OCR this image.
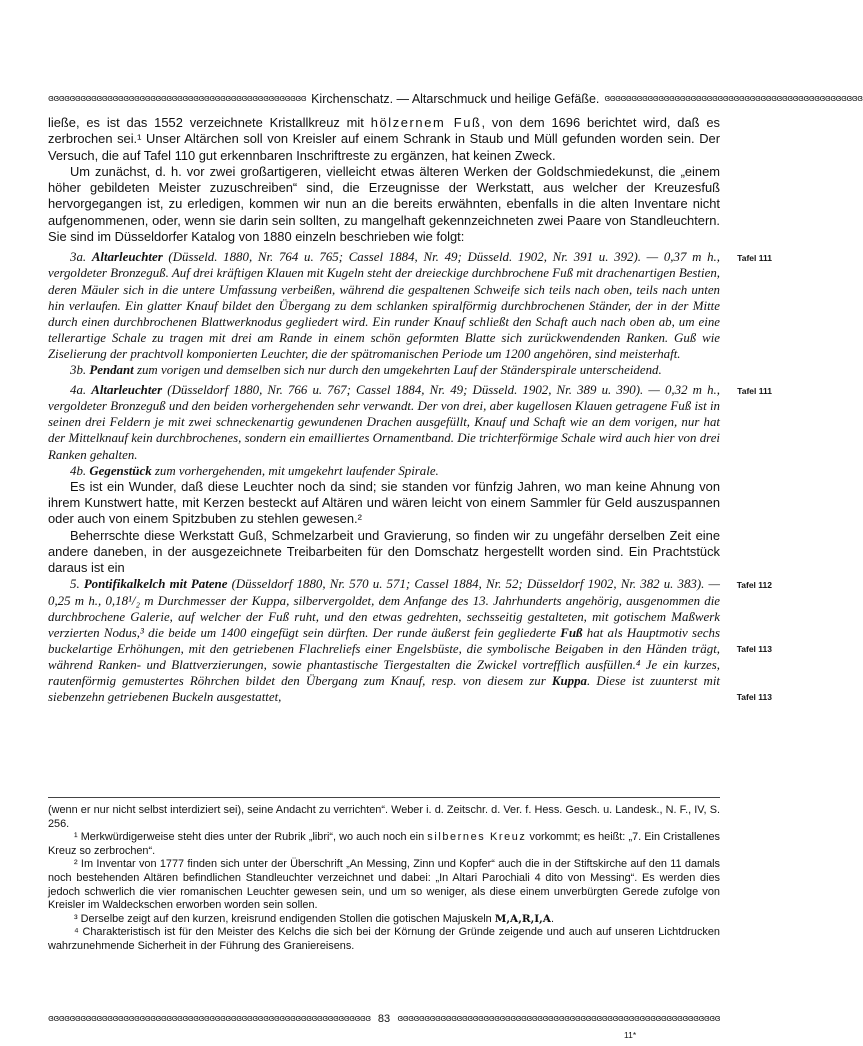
ɞɞɞɞɞɞɞɞɞɞɞɞɞɞɞɞɞɞɞɞɞɞɞɞɞɞɞɞɞɞɞɞɞɞɞɞɞɞɞɞɞɞɞɞɞɞɞɞ Kirchenschatz. — Altarschmuck und heilige Gefäße. ɞɞɞɞɞɞɞɞɞɞɞɞɞɞɞɞɞɞɞɞɞɞɞɞɞɞɞɞɞɞɞɞɞɞɞɞɞɞɞɞɞɞɞɞɞɞɞɞ

ließe, es ist das 1552 verzeichnete Kristallkreuz mit hölzernem Fuß, von dem 1696 berichtet wird, daß es zerbrochen sei.¹ Unser Altärchen soll von Kreisler auf einem Schrank in Staub und Müll gefunden worden sein. Der Versuch, die auf Tafel 110 gut erkennbaren Inschriftreste zu ergänzen, hat keinen Zweck.

Um zunächst, d. h. vor zwei großartigeren, vielleicht etwas älteren Werken der Goldschmiedekunst, die „einem höher gebildeten Meister zuzuschreiben“ sind, die Erzeugnisse der Werkstatt, aus welcher der Kreuzesfuß hervorgegangen ist, zu erledigen, kommen wir nun an die bereits erwähnten, ebenfalls in die alten Inventare nicht aufgenommenen, oder, wenn sie darin sein sollten, zu mangelhaft gekennzeichneten zwei Paare von Standleuchtern. Sie sind im Düsseldorfer Katalog von 1880 einzeln beschrieben wie folgt:

3a. Altarleuchter (Düsseld. 1880, Nr. 764 u. 765; Cassel 1884, Nr. 49; Düsseld. 1902, Nr. 391 u. 392). — 0,37 m h., vergoldeter Bronzeguß. Auf drei kräftigen Klauen mit Kugeln steht der dreieckige durchbrochene Fuß mit drachenartigen Bestien, deren Mäuler sich in die untere Umfassung verbeißen, während die gespaltenen Schweife sich teils nach oben, teils nach unten hin verlaufen. Ein glatter Knauf bildet den Übergang zu dem schlanken spiralförmig durchbrochenen Ständer, der in der Mitte durch einen durchbrochenen Blattwerknodus gegliedert wird. Ein runder Knauf schließt den Schaft auch nach oben ab, um eine tellerartige Schale zu tragen mit drei am Rande in einem schön geformten Blatte sich zurückwendenden Ranken. Guß wie Ziselierung der prachtvoll komponierten Leuchter, die der spätromanischen Periode um 1200 angehören, sind meisterhaft.
Tafel 111

3b. Pendant zum vorigen und demselben sich nur durch den umgekehrten Lauf der Ständerspirale unterscheidend.

4a. Altarleuchter (Düsseldorf 1880, Nr. 766 u. 767; Cassel 1884, Nr. 49; Düsseld. 1902, Nr. 389 u. 390). — 0,32 m h., vergoldeter Bronzeguß und den beiden vorhergehenden sehr verwandt. Der von drei, aber kugellosen Klauen getragene Fuß ist in seinen drei Feldern je mit zwei schneckenartig gewundenen Drachen ausgefüllt, Knauf und Schaft wie an dem vorigen, nur hat der Mittelknauf kein durchbrochenes, sondern ein emailliertes Ornamentband. Die trichterförmige Schale wird auch hier von drei Ranken gehalten.
Tafel 111

4b. Gegenstück zum vorhergehenden, mit umgekehrt laufender Spirale.

Es ist ein Wunder, daß diese Leuchter noch da sind; sie standen vor fünfzig Jahren, wo man keine Ahnung von ihrem Kunstwert hatte, mit Kerzen besteckt auf Altären und wären leicht von einem Sammler für Geld auszuspannen oder auch von einem Spitzbuben zu stehlen gewesen.²

Beherrschte diese Werkstatt Guß, Schmelzarbeit und Gravierung, so finden wir zu ungefähr derselben Zeit eine andere daneben, in der ausgezeichnete Treibarbeiten für den Domschatz hergestellt worden sind. Ein Prachtstück daraus ist ein

5. Pontifikalkelch mit Patene (Düsseldorf 1880, Nr. 570 u. 571; Cassel 1884, Nr. 52; Düsseldorf 1902, Nr. 382 u. 383). — 0,25 m h., 0,18¹/₂ m Durchmesser der Kuppa, silbervergoldet, dem Anfange des 13. Jahrhunderts angehörig, ausgenommen die durchbrochene Galerie, auf welcher der Fuß ruht, und den etwas gedrehten, sechsseitig gestalteten, mit gotischem Maßwerk verzierten Nodus,³ die beide um 1400 eingefügt sein dürften. Der runde äußerst fein gegliederte Fuß hat als Hauptmotiv sechs buckelartige Erhöhungen, mit den getriebenen Flachreliefs einer Engelsbüste, die symbolische Beigaben in den Händen trägt, während Ranken- und Blattverzierungen, sowie phantastische Tiergestalten die Zwickel vortrefflich ausfüllen.⁴ Je ein kurzes, rautenförmig gemustertes Röhrchen bildet den Übergang zum Knauf, resp. von diesem zur Kuppa. Diese ist zuunterst mit siebenzehn getriebenen Buckeln ausgestattet,
Tafel 112
Tafel 113
Tafel 113

(wenn er nur nicht selbst interdiziert sei), seine Andacht zu verrichten“. Weber i. d. Zeitschr. d. Ver. f. Hess. Gesch. u. Landesk., N. F., IV, S. 256.

¹ Merkwürdigerweise steht dies unter der Rubrik „libri“, wo auch noch ein silbernes Kreuz vorkommt; es heißt: „7. Ein Cristallenes Kreuz so zerbrochen“.

² Im Inventar von 1777 finden sich unter der Überschrift „An Messing, Zinn und Kopfer“ auch die in der Stiftskirche auf den 11 damals noch bestehenden Altären befindlichen Standleuchter verzeichnet und dabei: „In Altari Parochiali 4 dito von Messing“. Es werden dies jedoch schwerlich die vier romanischen Leuchter gewesen sein, und um so weniger, als diese einem unverbürgten Gerede zufolge von Kreisler im Waldeckschen erworben worden sein sollen.

³ Derselbe zeigt auf den kurzen, kreisrund endigenden Stollen die gotischen Majuskeln M,A,R,I,A.

⁴ Charakteristisch ist für den Meister des Kelchs die sich bei der Körnung der Gründe zeigende und auch auf unseren Lichtdrucken wahrzunehmende Sicherheit in der Führung des Graniereisens.

ɞɞɞɞɞɞɞɞɞɞɞɞɞɞɞɞɞɞɞɞɞɞɞɞɞɞɞɞɞɞɞɞɞɞɞɞɞɞɞɞɞɞɞɞɞɞɞɞɞɞɞɞɞɞɞɞɞɞɞɞ 83 ɞɞɞɞɞɞɞɞɞɞɞɞɞɞɞɞɞɞɞɞɞɞɞɞɞɞɞɞɞɞɞɞɞɞɞɞɞɞɞɞɞɞɞɞɞɞɞɞɞɞɞɞɞɞɞɞɞɞɞɞ
11*
